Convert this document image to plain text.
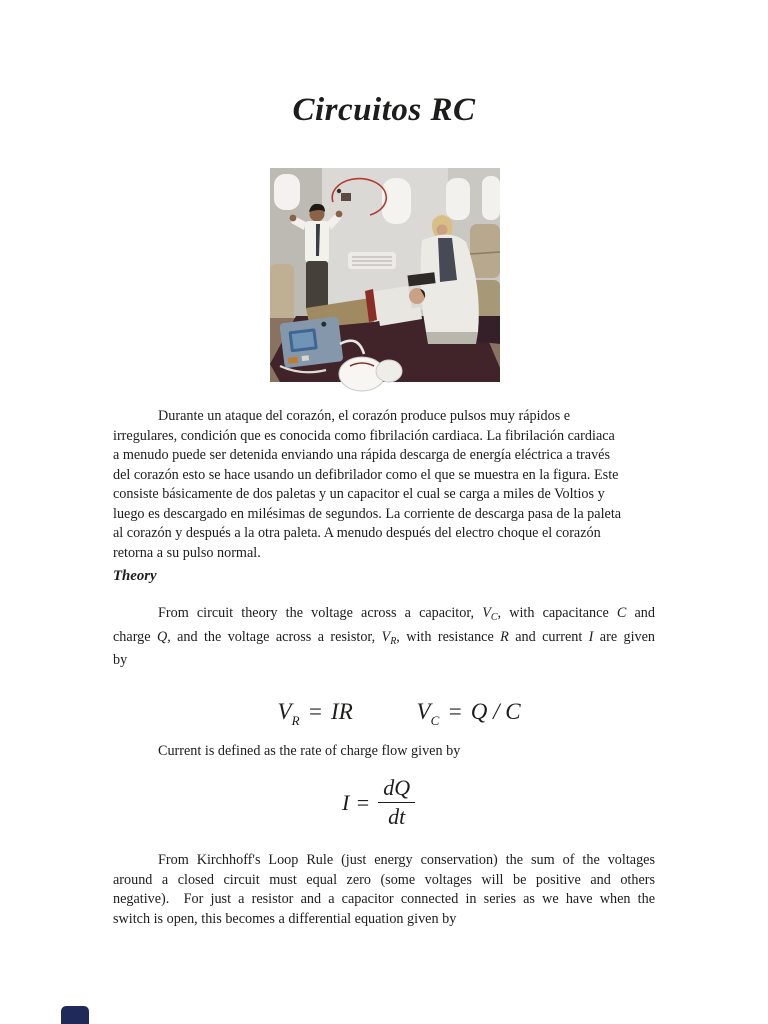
Circuitos RC
Durante un ataque del corazón, el corazón produce pulsos muy rápidos e
irregulares, condición que es conocida como fibrilación cardiaca. La fibrilación cardiaca
a menudo puede ser detenida enviando una rápida descarga de energía eléctrica a través
del corazón esto se hace usando un defibrilador como el que se muestra en la figura. Este
consiste básicamente de dos paletas y un capacitor el cual se carga a miles de Voltios y
luego es descargado en milésimas de segundos. La corriente de descarga pasa de la paleta
al corazón y después a la otra paleta. A menudo después del electro choque el corazón
retorna a su pulso normal.
Theory
From circuit theory the voltage across a capacitor, $V_C$, with capacitance C and
charge Q, and the voltage across a resistor, $V_R$, with resistance R and current I are given
by

$V_R$ = IR	$V_C = Q / C$

Current is defined as the rate of charge flow given by
$I = \frac{dQ}{dt}$
From Kirchhoff's Loop Rule (just energy conservation) the sum of the voltages
around a closed circuit must equal zero (some voltages will be positive and others
negative).  For just a resistor and a capacitor connected in series as we have when the
switch is open, this becomes a differential equation given by
